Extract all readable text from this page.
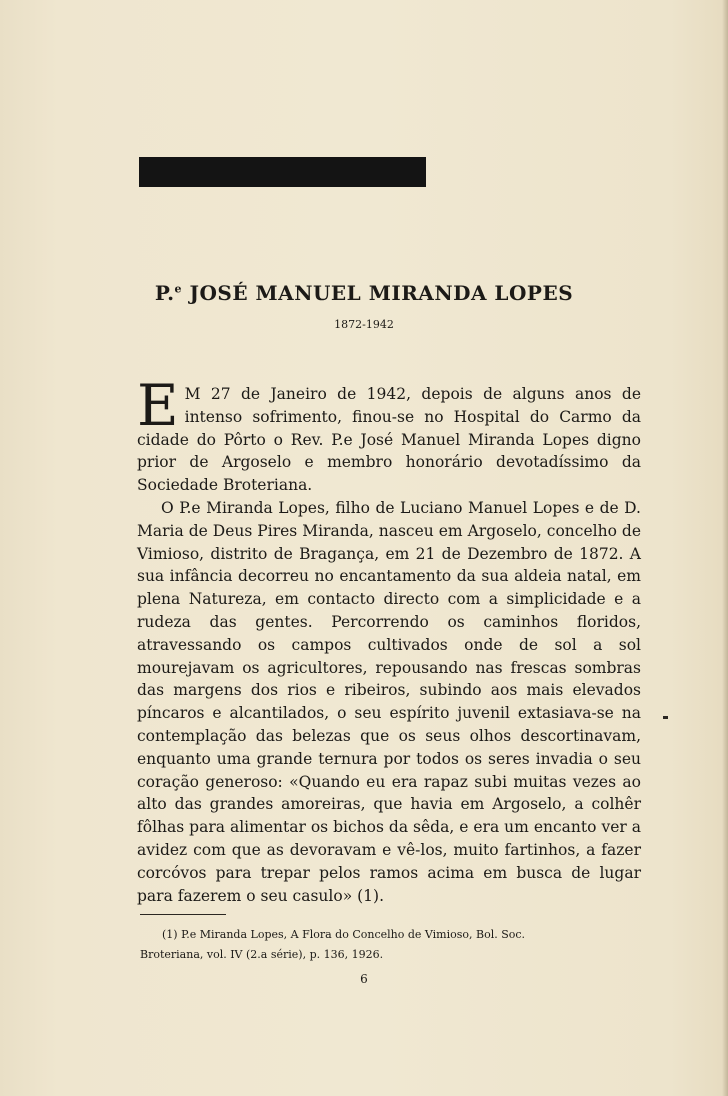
P.$^e$ JOSÉ MANUEL MIRANDA LOPES
1872-1942

E M 27 de Janeiro de 1942, depois de alguns anos de intenso sofrimento, finou-se no Hospital do Carmo da cidade do Pôrto o Rev. P.e José Manuel Miranda Lopes digno prior de Argoselo e membro honorário devotadíssimo da Sociedade Broteriana.

O P.e Miranda Lopes, filho de Luciano Manuel Lopes e de D. Maria de Deus Pires Miranda, nasceu em Argoselo, concelho de Vimioso, distrito de Bragança, em 21 de Dezembro de 1872. A sua infância decorreu no encantamento da sua aldeia natal, em plena Natureza, em contacto directo com a simplicidade e a rudeza das gentes. Percorrendo os caminhos floridos, atravessando os campos cultivados onde de sol a sol mourejavam os agricultores, repousando nas frescas sombras das margens dos rios e ribeiros, subindo aos mais elevados píncaros e alcantilados, o seu espírito juvenil extasiava-se na contemplação das belezas que os seus olhos descortinavam, enquanto uma grande ternura por todos os seres invadia o seu coração generoso: «Quando eu era rapaz subi muitas vezes ao alto das grandes amoreiras, que havia em Argoselo, a colhêr fôlhas para alimentar os bichos da sêda, e era um encanto ver a avidez com que as devoravam e vê-los, muito fartinhos, a fazer corcóvos para trepar pelos ramos acima em busca de lugar para fazerem o seu casulo» (1).

(1) P.e Miranda Lopes, A Flora do Concelho de Vimioso, Bol. Soc.
Broteriana, vol. IV (2.a série), p. 136, 1926.
6
